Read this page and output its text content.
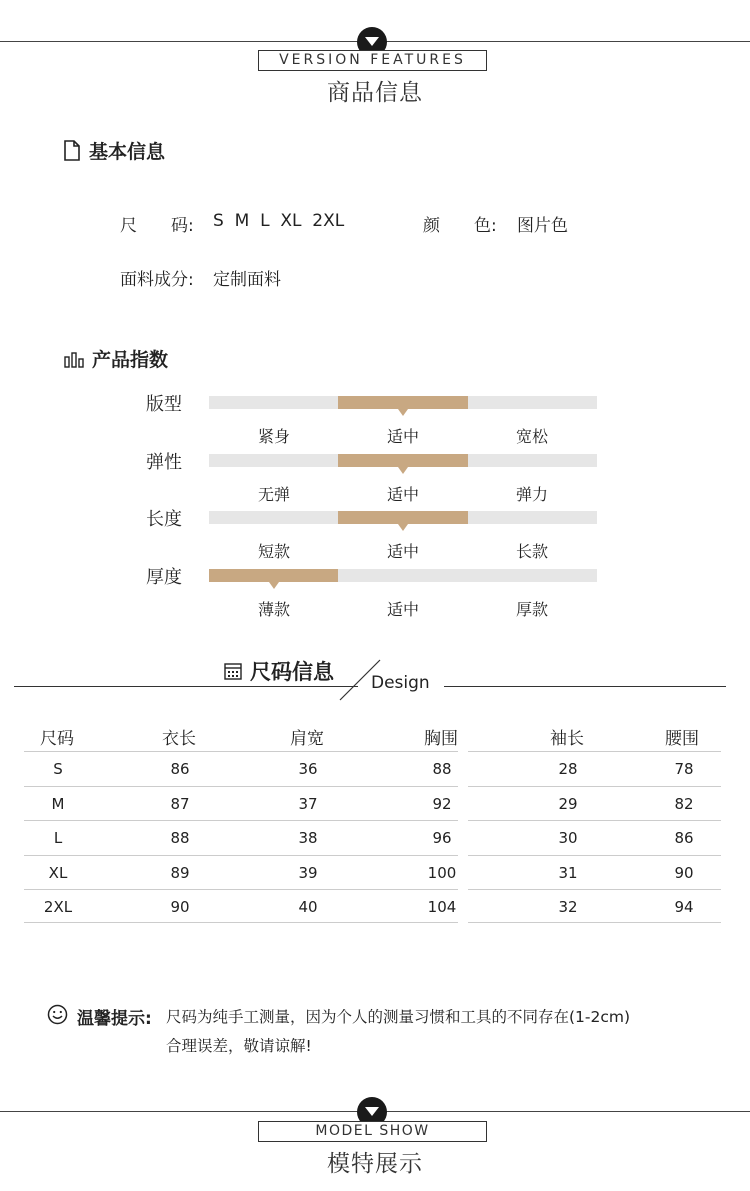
VERSION FEATURES
商品信息
基本信息
尺　　码: S  M  L  XL  2XL	颜　　色: 图片色
面料成分: 定制面料
产品指数
版型
紧身	适中	宽松
弹性
无弹	适中	弹力
长度
短款	适中	长款
厚度
薄款	适中	厚款
尺码信息 Design
尺码	衣长	肩宽	胸围	袖长	腰围
S	86	36	88	28	78
M	87	37	92	29	82
L	88	38	96	30	86
XL	89	39	100	31	90
2XL	90	40	104	32	94
温馨提示: 尺码为纯手工测量，因为个人的测量习惯和工具的不同存在(1-2cm)
合理误差，敬请谅解!
MODEL SHOW
模特展示
